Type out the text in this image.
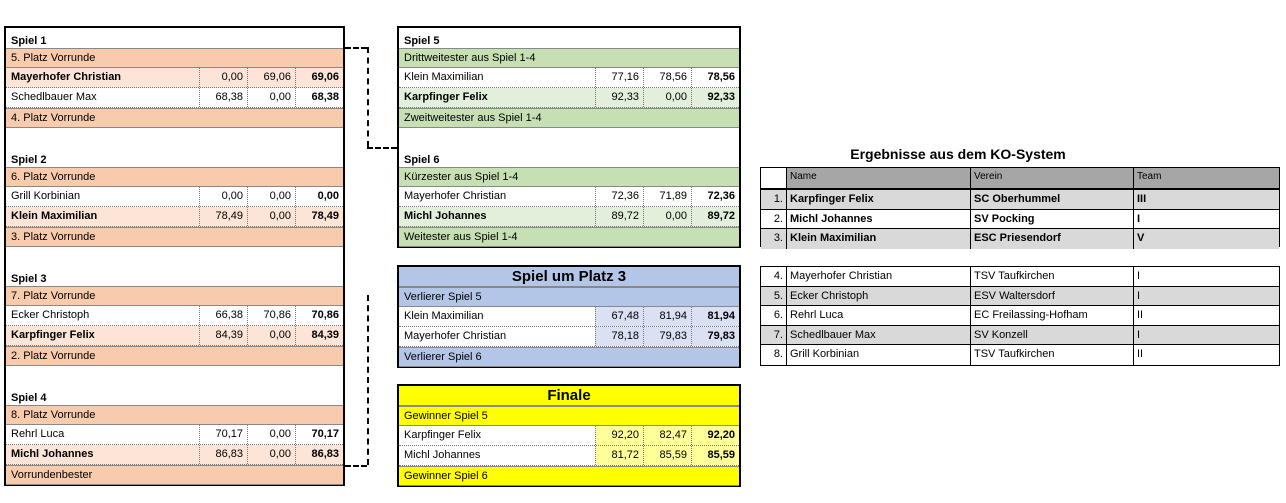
Spiel 1
5. Platz Vorrunde
Mayerhofer Christian	0,00	69,06	69,06
Schedlbauer Max	68,38	0,00	68,38
4. Platz Vorrunde
Spiel 2
6. Platz Vorrunde
Grill Korbinian	0,00	0,00	0,00
Klein Maximilian	78,49	0,00	78,49
3. Platz Vorrunde
Spiel 3
7. Platz Vorrunde
Ecker Christoph	66,38	70,86	70,86
Karpfinger Felix	84,39	0,00	84,39
2. Platz Vorrunde
Spiel 4
8. Platz Vorrunde
Rehrl Luca	70,17	0,00	70,17
Michl Johannes	86,83	0,00	86,83
Vorrundenbester
Spiel 5
Drittweitester aus Spiel 1-4
Klein Maximilian	77,16	78,56	78,56
Karpfinger Felix	92,33	0,00	92,33
Zweitweitester aus Spiel 1-4
Spiel 6
Kürzester aus Spiel 1-4
Mayerhofer Christian	72,36	71,89	72,36
Michl Johannes	89,72	0,00	89,72
Weitester aus Spiel 1-4
Spiel um Platz 3
Verlierer Spiel 5
Klein Maximilian	67,48	81,94	81,94
Mayerhofer Christian	78,18	79,83	79,83
Verlierer Spiel 6
Finale
Gewinner Spiel 5
Karpfinger Felix	92,20	82,47	92,20
Michl Johannes	81,72	85,59	85,59
Gewinner Spiel 6
Ergebnisse aus dem KO-System
Name	Verein	Team
1. Karpfinger Felix	SC Oberhummel	III
2. Michl Johannes	SV Pocking	I
3. Klein Maximilian	ESC Priesendorf	V
4. Mayerhofer Christian	TSV Taufkirchen	I
5. Ecker Christoph	ESV Waltersdorf	I
6. Rehrl Luca	EC Freilassing-Hofham	II
7. Schedlbauer Max	SV Konzell	I
8. Grill Korbinian	TSV Taufkirchen	II
